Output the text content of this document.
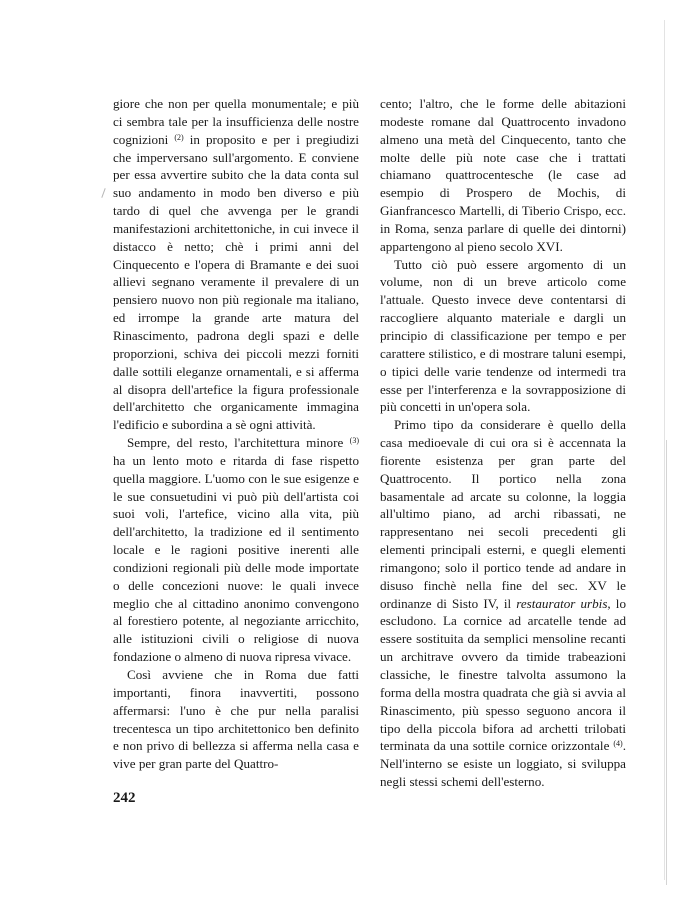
giore che non per quella monumentale; e più ci sembra tale per la insufficienza delle nostre cognizioni $^{(2)}$ in proposito e per i pregiudizi che imperversano sull'argomento. E conviene per essa avvertire subito che la data conta sul suo andamento in modo ben diverso e più tardo di quel che avvenga per le grandi manifestazioni architettoniche, in cui invece il distacco è netto; chè i primi anni del Cinquecento e l'opera di Bramante e dei suoi allievi segnano veramente il prevalere di un pensiero nuovo non più regionale ma italiano, ed irrompe la grande arte matura del Rinascimento, padrona degli spazi e delle proporzioni, schiva dei piccoli mezzi forniti dalle sottili eleganze ornamentali, e si afferma al disopra dell'artefice la figura professionale dell'architetto che organicamente immagina l'edificio e subordina a sè ogni attività.

Sempre, del resto, l'architettura minore $^{(3)}$ ha un lento moto e ritarda di fase rispetto quella maggiore. L'uomo con le sue esigenze e le sue consuetudini vi può più dell'artista coi suoi voli, l'artefice, vicino alla vita, più dell'architetto, la tradizione ed il sentimento locale e le ragioni positive inerenti alle condizioni regionali più delle mode importate o delle concezioni nuove: le quali invece meglio che al cittadino anonimo convengono al forestiero potente, al negoziante arricchito, alle istituzioni civili o religiose di nuova fondazione o almeno di nuova ripresa vivace.

Così avviene che in Roma due fatti importanti, finora inavvertiti, possono affermarsi: l'uno è che pur nella paralisi trecentesca un tipo architettonico ben definito e non privo di bellezza si afferma nella casa e vive per gran parte del Quattro-

cento; l'altro, che le forme delle abitazioni modeste romane dal Quattrocento invadono almeno una metà del Cinquecento, tanto che molte delle più note case che i trattati chiamano quattrocentesche (le case ad esempio di Prospero de Mochis, di Gianfrancesco Martelli, di Tiberio Crispo, ecc. in Roma, senza parlare di quelle dei dintorni) appartengono al pieno secolo XVI.

Tutto ciò può essere argomento di un volume, non di un breve articolo come l'attuale. Questo invece deve contentarsi di raccogliere alquanto materiale e dargli un principio di classificazione per tempo e per carattere stilistico, e di mostrare taluni esempi, o tipici delle varie tendenze od intermedi tra esse per l'interferenza e la sovrapposizione di più concetti in un'opera sola.

Primo tipo da considerare è quello della casa medioevale di cui ora si è accennata la fiorente esistenza per gran parte del Quattrocento. Il portico nella zona basamentale ad arcate su colonne, la loggia all'ultimo piano, ad archi ribassati, ne rappresentano nei secoli precedenti gli elementi principali esterni, e quegli elementi rimangono; solo il portico tende ad andare in disuso finchè nella fine del sec. XV le ordinanze di Sisto IV, il restaurator urbis, lo escludono. La cornice ad arcatelle tende ad essere sostituita da semplici mensoline recanti un architrave ovvero da timide trabeazioni classiche, le finestre talvolta assumono la forma della mostra quadrata che già si avvia al Rinascimento, più spesso seguono ancora il tipo della piccola bifora ad archetti trilobati terminata da una sottile cornice orizzontale $^{(4)}$. Nell'interno se esiste un loggiato, si sviluppa negli stessi schemi dell'esterno.

242
